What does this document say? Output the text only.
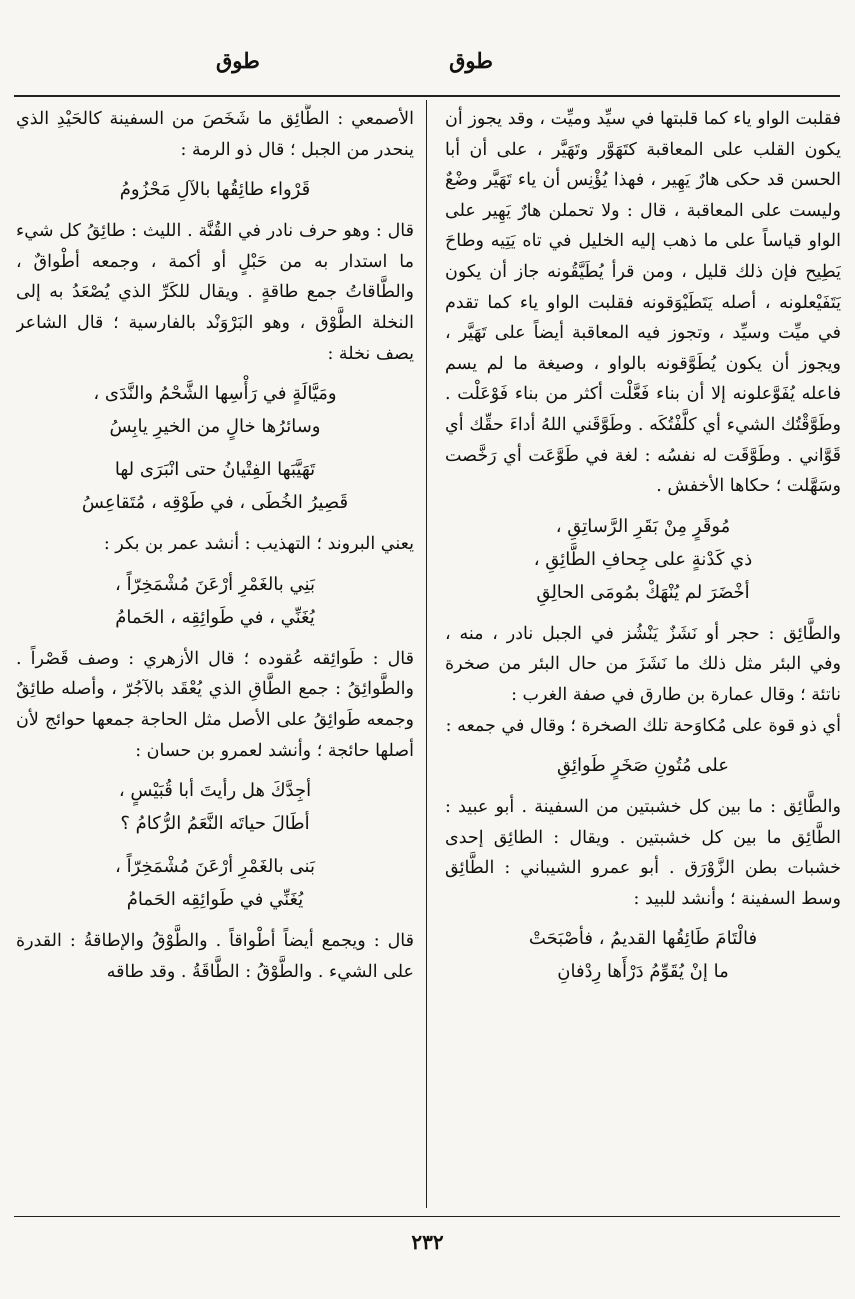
طوق
طوق

فقلبت الواو ياء كما قلبتها في سيِّد وميِّت ، وقد يجوز أن يكون القلب على المعاقبة كتَهَوَّر وتَهَيَّر ، على أن أبا الحسن قد حكى هارٌ يَهِير ، فهذا يُؤْنِس أن ياء تَهَيَّر وضْعٌ وليست على المعاقبة ، قال : ولا تحملن هارٌ يَهِير على الواو قياساً على ما ذهب إليه الخليل في تاه يَتِيه وطاحَ يَطِيح فإن ذلك قليل ، ومن قرأ يُطَيَّقُونه جاز أن يكون يَتَفَيْعلونه ، أصله يَتَطَيْوَقونه فقلبت الواو ياء كما تقدم في ميِّت وسيِّد ، وتجوز فيه المعاقبة أيضاً على تَهَيَّر ، ويجوز أن يكون يُطَوَّقونه بالواو ، وصيغة ما لم يسم فاعله يُفَوَّعلونه إلا أن بناء فَعَّلْت أكثر من بناء فَوْعَلْت . وطَوَّقْتُك الشيء أي كلَّفْتُكَه . وطَوَّقَني اللهُ أداءَ حقِّك أي قَوَّاني . وطَوَّقَت له نفسُه : لغة في طَوَّعَت أي رَخَّصت وسَهَّلت ؛ حكاها الأخفش .

مُوقَرٍ مِنْ بَقَرِ الرَّساتِقِ ،
ذي كَدْنةٍ على جِحافِ الطَّائِقِ ،
أخْضَرَ لم يُنْهَكْ بمُومَى الحالِقِ

والطَّائِق : حجر أو نَشَزٌ يَنْشُز في الجبل نادر ، منه ، وفي البئر مثل ذلك ما نَشَزَ من حال البئر من صخرة ناتئة ؛ وقال عمارة بن طارق في صفة الغرب :

أي ذو قوة على مُكاوَحة تلك الصخرة ؛ وقال في جمعه :

على مُتُونِ صَخَرٍ طَوائِقِ

والطَّائِق : ما بين كل خشبتين من السفينة . أبو عبيد : الطَّائِق ما بين كل خشبتين . ويقال : الطائِق إحدى خشبات بطن الزَّوْرَق . أبو عمرو الشيباني : الطَّائِق وسط السفينة ؛ وأنشد للبيد :

فالْتَامَ طَائِقُها القديمُ ، فأصْبَحَتْ
ما إنْ يُقَوِّمُ دَرْأَها رِدْفانِ

الأصمعي : الطَّائِق ما شَخَصَ من السفينة كالحَيْدِ الذي ينحدر من الجبل ؛ قال ذو الرمة :

قَرْواء طائِقُها بالآلِ مَحْزُومُ

قال : وهو حرف نادر في القُنَّة . الليث : طائِقُ كل شيء ما استدار به من حَبْلٍ أو أكمة ، وجمعه أطْواقٌ ، والطَّاقاتُ جمع طاقةٍ . ويقال للكَرِّ الذي يُصْعَدُ به إلى النخلة الطَّوْق ، وهو البَرْوَنْد بالفارسية ؛ قال الشاعر يصف نخلة :

ومَيَّالَةٍ في رَأْسِها الشَّحْمُ والنَّدَى ،
وسائرُها خالٍ من الخيرِ يابِسُ
تَهَيَّبَها الفِتْيانُ حتى انْبَرَى لها
قَصِيرُ الخُطَى ، في طَوْقِه ، مُتَقاعِسُ

يعني البروند ؛ التهذيب : أنشد عمر بن بكر :

بَنِي بالغَمْرِ أرْعَنَ مُشْمَخِرّاً ،
يُغَنِّي ، في طَوائِقِه ، الحَمامُ

قال : طَوائِقه عُقوده ؛ قال الأزهري : وصف قَصْراً . والطَّوائِقُ : جمع الطَّاقِ الذي يُعْقَد بالآجُرّ ، وأصله طائِقٌ وجمعه طَوائِقُ على الأصل مثل الحاجة جمعها حوائج لأن أصلها حائجة ؛ وأنشد لعمرو بن حسان :

أجِدَّكَ هل رأيتَ أبا قُبَيْسٍ ،
أطَالَ حياتَه النَّعَمُ الرُّكامُ ؟
بَنى بالغَمْرِ أرْعَنَ مُشْمَخِرّاً ،
يُغَنِّي في طَوائِقِه الحَمامُ

قال : ويجمع أيضاً أطْواقاً . والطَّوْقُ والإطاقةُ : القدرة على الشيء . والطَّوْقُ : الطَّاقَةُ . وقد طاقه

٢٣٢
